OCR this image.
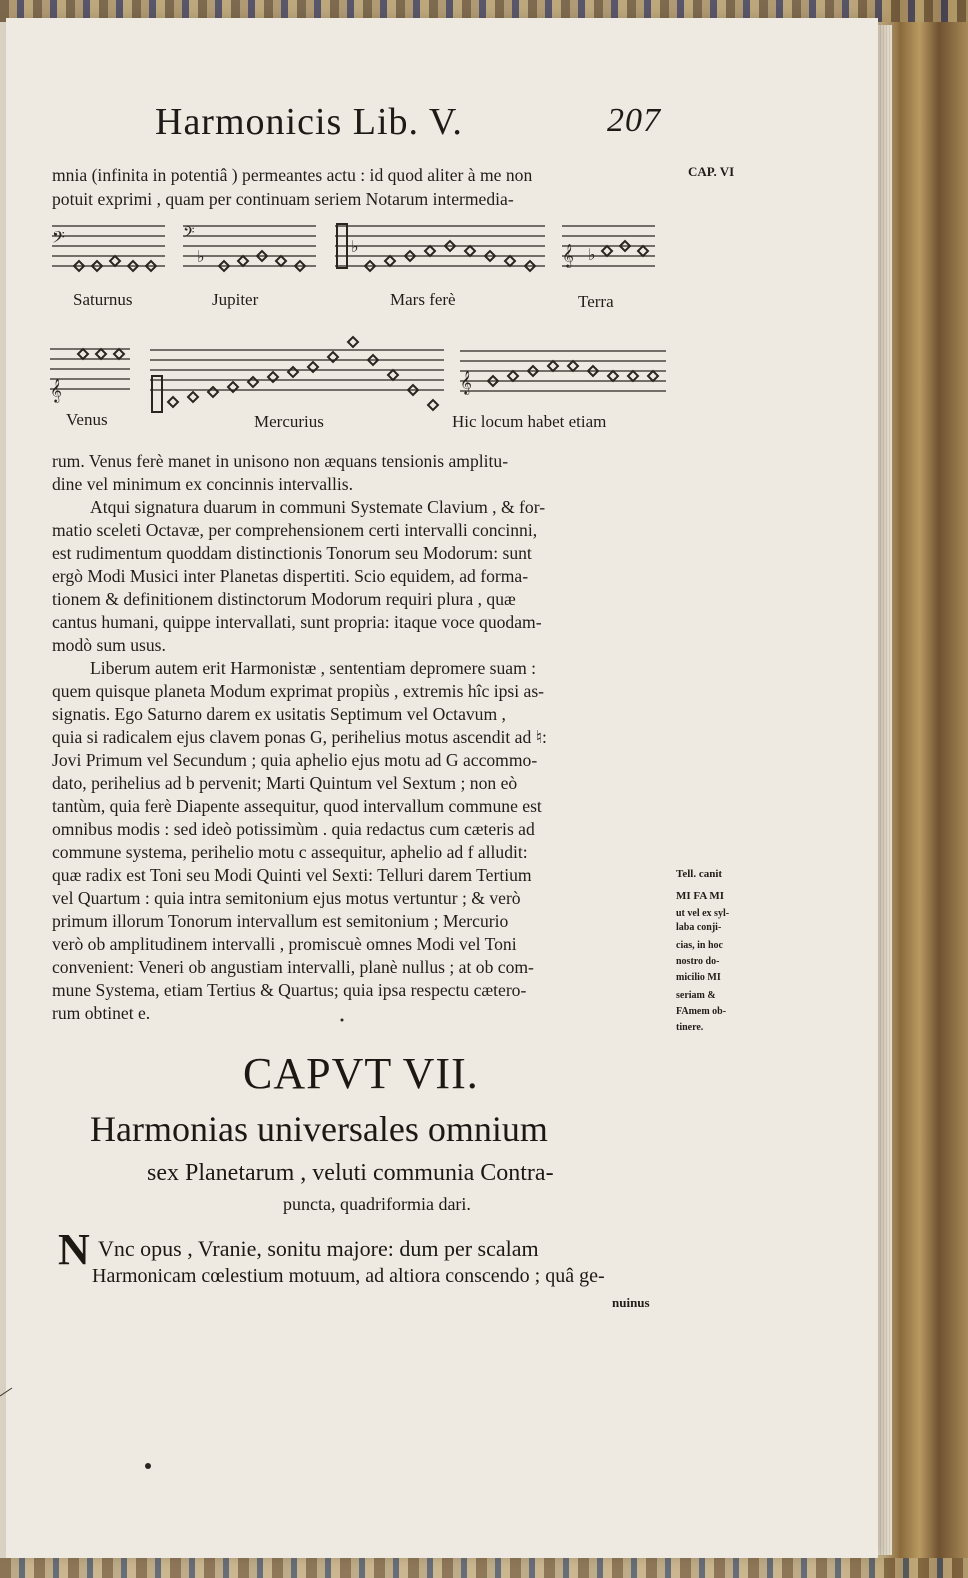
Harmonicis Lib. V.	207
CAP. VI
mnia (infinita in potentiâ ) permeantes actu : id quod aliter à me non
potuit exprimi , quam per continuam seriem Notarum intermedia-
𝄢
Saturnus
𝄢
♭
Jupiter
♭
Mars ferè
𝄞 ♭
Terra
𝄞
Venus	Mercurius
𝄞
Hic locum habet etiam
rum. Venus ferè manet in unisono non æquans tensionis amplitu-
dine vel minimum ex concinnis intervallis.
Atqui signatura duarum in communi Systemate Clavium , & for-
matio sceleti Octavæ, per comprehensionem certi intervalli concinni,
est rudimentum quoddam distinctionis Tonorum seu Modorum: sunt
ergò Modi Musici inter Planetas dispertiti. Scio equidem, ad forma-
tionem & definitionem distinctorum Modorum requiri plura , quæ
cantus humani, quippe intervallati, sunt propria: itaque voce quodam-
modò sum usus.
Liberum autem erit Harmonistæ , sententiam depromere suam :
quem quisque planeta Modum exprimat propiùs , extremis hîc ipsi as-
signatis. Ego Saturno darem ex usitatis Septimum vel Octavum ,
quia si radicalem ejus clavem ponas G, perihelius motus ascendit ad ♮:
Jovi Primum vel Secundum ; quia aphelio ejus motu ad G accommo-
dato, perihelius ad b pervenit; Marti Quintum vel Sextum ; non eò
tantùm, quia ferè Diapente assequitur, quod intervallum commune est
omnibus modis : sed ideò potissimùm . quia redactus cum cæteris ad
commune systema, perihelio motu c assequitur, aphelio ad f alludit:
quæ radix est Toni seu Modi Quinti vel Sexti: Telluri darem Tertium
vel Quartum : quia intra semitonium ejus motus vertuntur ; & verò
primum illorum Tonorum intervallum est semitonium ; Mercurio
verò ob amplitudinem intervalli , promiscuè omnes Modi vel Toni
convenient: Veneri ob angustiam intervalli, planè nullus ; at ob com-
mune Systema, etiam Tertius & Quartus; quia ipsa respectu cætero-
rum obtinet e.
Tell. canit
MI FA MI
ut vel ex syl-
laba conji-
cias, in hoc
nostro do-
micilio MI
seriam &
FAmem ob-
tinere.
CAPVT VII.
Harmonias universales omnium
sex Planetarum , veluti communia Contra-
puncta, quadriformia dari.
N Vnc opus , Vranie, sonitu majore: dum per scalam
Harmonicam cœlestium motuum, ad altiora conscendo ; quâ ge-
nuinus
